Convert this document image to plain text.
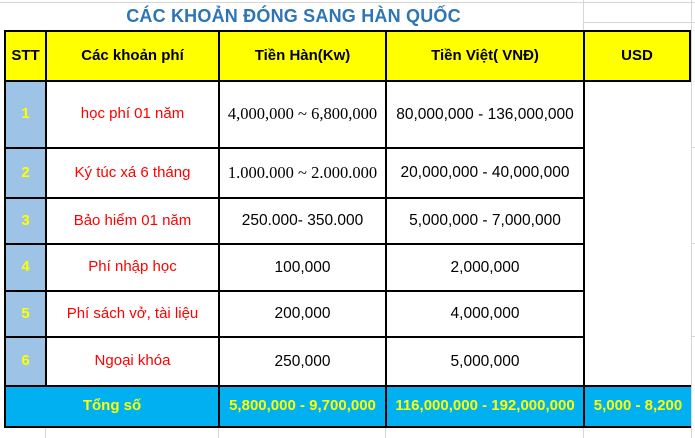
CÁC KHOẢN ĐÓNG SANG HÀN QUỐC
STT	Các khoản phí	Tiền Hàn(Kw)	Tiền Việt( VNĐ)	USD
1	học phí 01 năm	4,000,000 ~ 6,800,000	80,000,000 - 136,000,000
2	Ký túc xá 6 tháng	1.000.000 ~ 2.000.000	20,000,000 - 40,000,000
3	Bảo hiểm 01 năm	250.000- 350.000	5,000,000 - 7,000,000
4	Phí nhập học	100,000	2,000,000
5	Phí sách vở, tài liệu	200,000	4,000,000
6	Ngoại khóa	250,000	5,000,000
Tổng số	5,800,000 - 9,700,000	116,000,000 - 192,000,000	5,000 - 8,200
